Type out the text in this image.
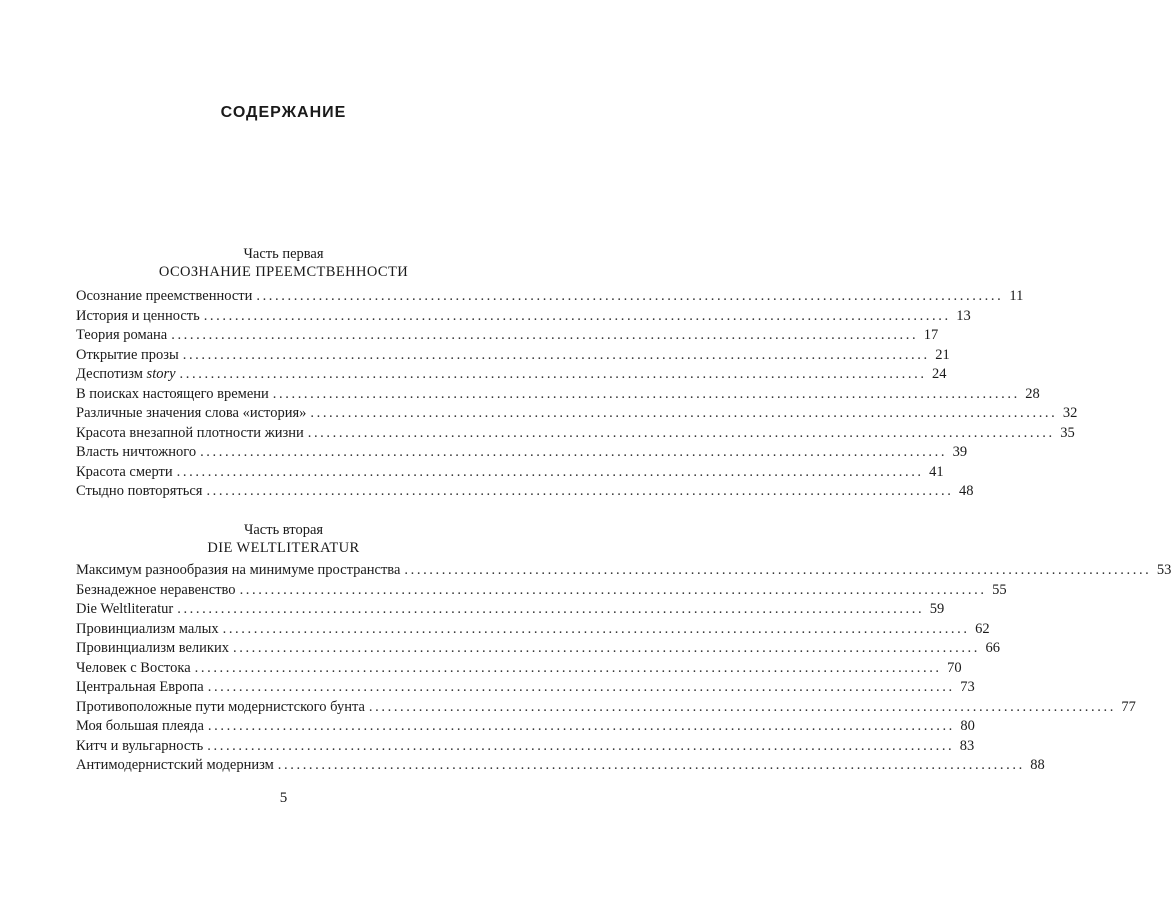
СОДЕРЖАНИЕ
Часть первая
ОСОЗНАНИЕ ПРЕЕМСТВЕННОСТИ
Осознание преемственности ........................................................................................................................ 11
История и ценность ........................................................................................................................ 13
Теория романа ........................................................................................................................ 17
Открытие прозы ........................................................................................................................ 21
Деспотизм story ........................................................................................................................ 24
В поисках настоящего времени ........................................................................................................................ 28
Различные значения слова «история» ........................................................................................................................ 32
Красота внезапной плотности жизни ........................................................................................................................ 35
Власть ничтожного ........................................................................................................................ 39
Красота смерти ........................................................................................................................ 41
Стыдно повторяться ........................................................................................................................ 48
Часть вторая
DIE WELTLITERATUR
Максимум разнообразия на минимуме пространства ........................................................................................................................ 53
Безнадежное неравенство ........................................................................................................................ 55
Die Weltliteratur ........................................................................................................................ 59
Провинциализм малых ........................................................................................................................ 62
Провинциализм великих ........................................................................................................................ 66
Человек с Востока ........................................................................................................................ 70
Центральная Европа ........................................................................................................................ 73
Противоположные пути модернистского бунта ........................................................................................................................ 77
Моя большая плеяда ........................................................................................................................ 80
Китч и вульгарность ........................................................................................................................ 83
Антимодернистский модернизм ........................................................................................................................ 88
5
